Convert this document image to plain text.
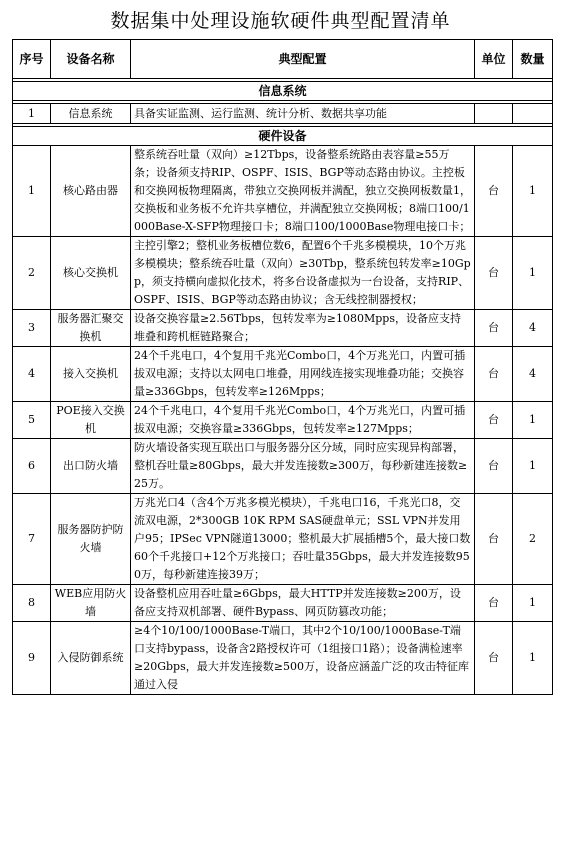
数据集中处理设施软硬件典型配置清单
序号	设备名称	典型配置	单位	数量

信息系统				

1	信息系统	具备实证监测、运行监测、统计分析、数据共享功能		

硬件设备				
1	核心路由器	整系统吞吐量（双向）≥12Tbps，设备整系统路由表容量≥55万条；设备须支持RIP、OSPF、ISIS、BGP等动态路由协议。主控板和交换网板物理隔离，带独立交换网板并满配，独立交换网板数量1，交换板和业务板不允许共享槽位，并满配独立交换网板；8端口100/1000Base-X-SFP物理接口卡；8端口100/1000Base物理电接口卡；	台	1
2	核心交换机	主控引擎2；整机业务板槽位数6，配置6个千兆多模模块，10个万兆多模模块；整系统吞吐量（双向）≥30Tbp，整系统包转发率≥10Gpp，须支持横向虚拟化技术，将多台设备虚拟为一台设备，支持RIP、OSPF、ISIS、BGP等动态路由协议；含无线控制器授权；	台	1
3	服务器汇聚交换机	设备交换容量≥2.56Tbps，包转发率为≥1080Mpps，设备应支持堆叠和跨机框链路聚合；	台	4
4	接入交换机	24个千兆电口，4个复用千兆光Combo口，4个万兆光口，内置可插拔双电源；支持以太网电口堆叠，用网线连接实现堆叠功能；交换容量≥336Gbps，包转发率≥126Mpps；	台	4
5	POE接入交换机	24个千兆电口，4个复用千兆光Combo口，4个万兆光口，内置可插拔双电源；交换容量≥336Gbps，包转发率≥127Mpps；	台	1
6	出口防火墙	防火墙设备实现互联出口与服务器分区分域，同时应实现异构部署，整机吞吐量≥80Gbps，最大并发连接数≥300万，每秒新建连接数≥25万。	台	1
7	服务器防护防火墙	万兆光口4（含4个万兆多模光模块），千兆电口16，千兆光口8，交流双电源，2*300GB 10K RPM SAS硬盘单元；SSL VPN并发用户95；IPSec VPN隧道13000；整机最大扩展插槽5个，最大接口数60个千兆接口+12个万兆接口；吞吐量35Gbps，最大并发连接数950万，每秒新建连接39万；	台	2
8	WEB应用防火墙	设备整机应用吞吐量≥6Gbps，最大HTTP并发连接数≥200万，设备应支持双机部署、硬件Bypass、网页防篡改功能；	台	1
9	入侵防御系统	≥4个10/100/1000Base-T端口，其中2个10/100/1000Base-T端口支持bypass，设备含2路授权许可（1组接口1路）；设备满检速率≥20Gbps，最大并发连接数≥500万，设备应涵盖广泛的攻击特征库通过入侵	台	1
